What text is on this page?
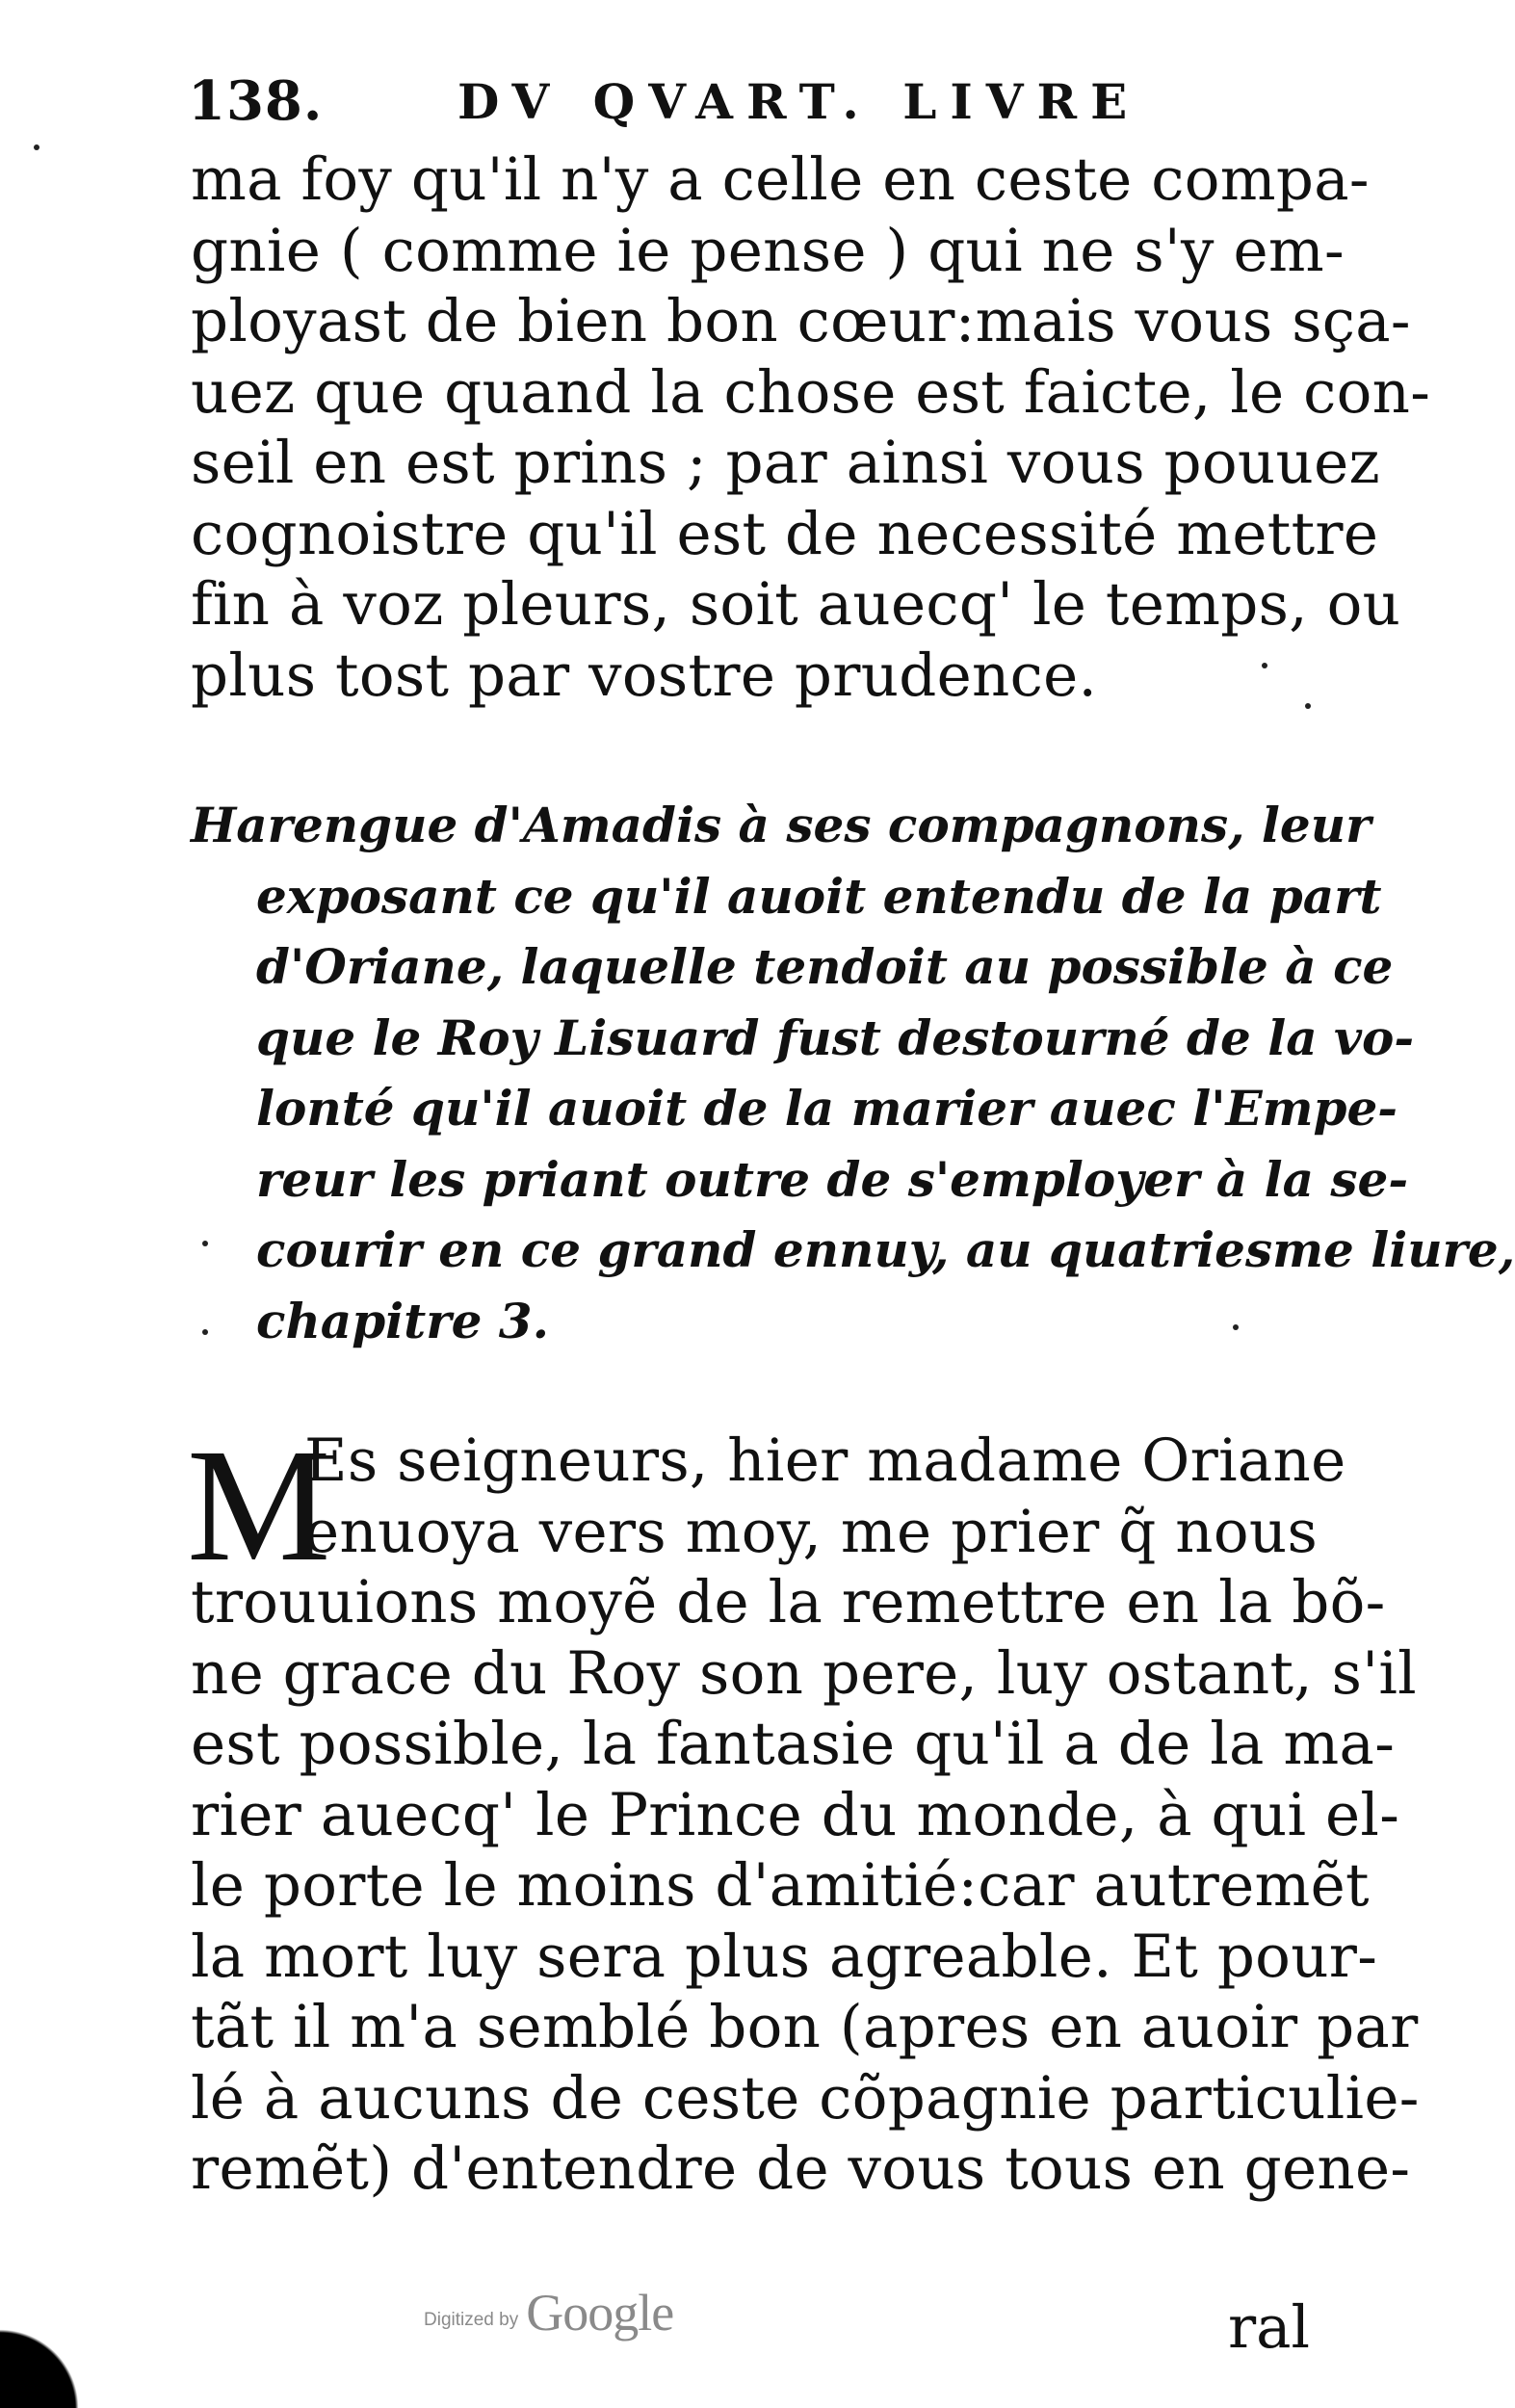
138.	DV QVART. LIVRE
ma foy qu'il n'y a celle en ceste compa-
gnie ( comme ie pense ) qui ne s'y em-
ployast de bien bon cœur:mais vous sça-
uez que quand la chose est faicte, le con-
seil en est prins ; par ainsi vous pouuez
cognoistre qu'il est de necessité mettre
fin à voz pleurs, soit auecq' le temps, ou
plus tost par vostre prudence.
Harengue d'Amadis à ses compagnons, leur
exposant ce qu'il auoit entendu de la part
d'Oriane, laquelle tendoit au possible à ce
que le Roy Lisuard fust destourné de la vo-
lonté qu'il auoit de la marier auec l'Empe-
reur les priant outre de s'employer à la se-
courir en ce grand ennuy, au quatriesme liure,
chapitre 3.
M
Es seigneurs, hier madame Oriane
enuoya vers moy, me prier q̃ nous
trouuions moyẽ de la remettre en la bõ-
ne grace du Roy son pere, luy ostant, s'il
est possible, la fantasie qu'il a de la ma-
rier auecq' le Prince du monde, à qui el-
le porte le moins d'amitié:car autremẽt
la mort luy sera plus agreable. Et pour-
tãt il m'a semblé bon (apres en auoir par
lé à aucuns de ceste cõpagnie particulie-
remẽt) d'entendre de vous tous en gene-
ral
Digitized by Google
